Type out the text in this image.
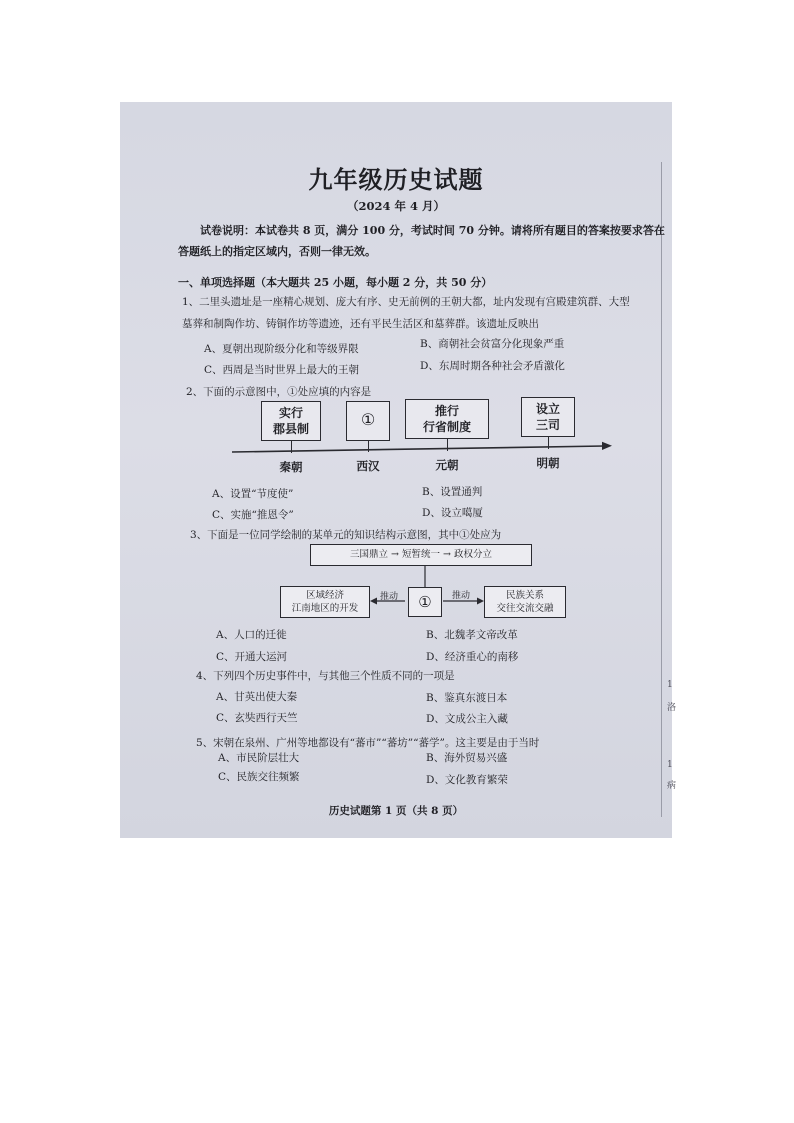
1
洛
1
病
九年级历史试题
（2024 年 4 月）
试卷说明：本试卷共 8 页，满分 100 分，考试时间 70 分钟。请将所有题目的答案按要求答在
答题纸上的指定区域内，否则一律无效。
一、单项选择题（本大题共 25 小题，每小题 2 分，共 50 分）
1、二里头遗址是一座精心规划、庞大有序、史无前例的王朝大都，址内发现有宫殿建筑群、大型
墓葬和制陶作坊、铸铜作坊等遗迹，还有平民生活区和墓葬群。该遗址反映出
A、夏朝出现阶级分化和等级界限	B、商朝社会贫富分化现象严重
C、西周是当时世界上最大的王朝	D、东周时期各种社会矛盾激化
2、下面的示意图中，①处应填的内容是
实行
郡县制	①	推行
行省制度
设立
三司
秦朝	西汉	元朝	明朝
A、设置“节度使”	B、设置通判
C、实施“推恩令”	D、设立噶厦
3、下面是一位同学绘制的某单元的知识结构示意图，其中①处应为
三国鼎立 → 短暂统一 → 政权分立
区域经济
江南地区的开发	①	民族关系
交往交流交融
推动	推动
A、人口的迁徙	B、北魏孝文帝改革
C、开通大运河	D、经济重心的南移
4、下列四个历史事件中，与其他三个性质不同的一项是
A、甘英出使大秦	B、鉴真东渡日本
C、玄奘西行天竺	D、文成公主入藏
5、宋朝在泉州、广州等地都设有“蕃市”“蕃坊”“蕃学”。这主要是由于当时
A、市民阶层壮大	B、海外贸易兴盛
C、民族交往频繁	D、文化教育繁荣
历史试题第 1 页（共 8 页）
